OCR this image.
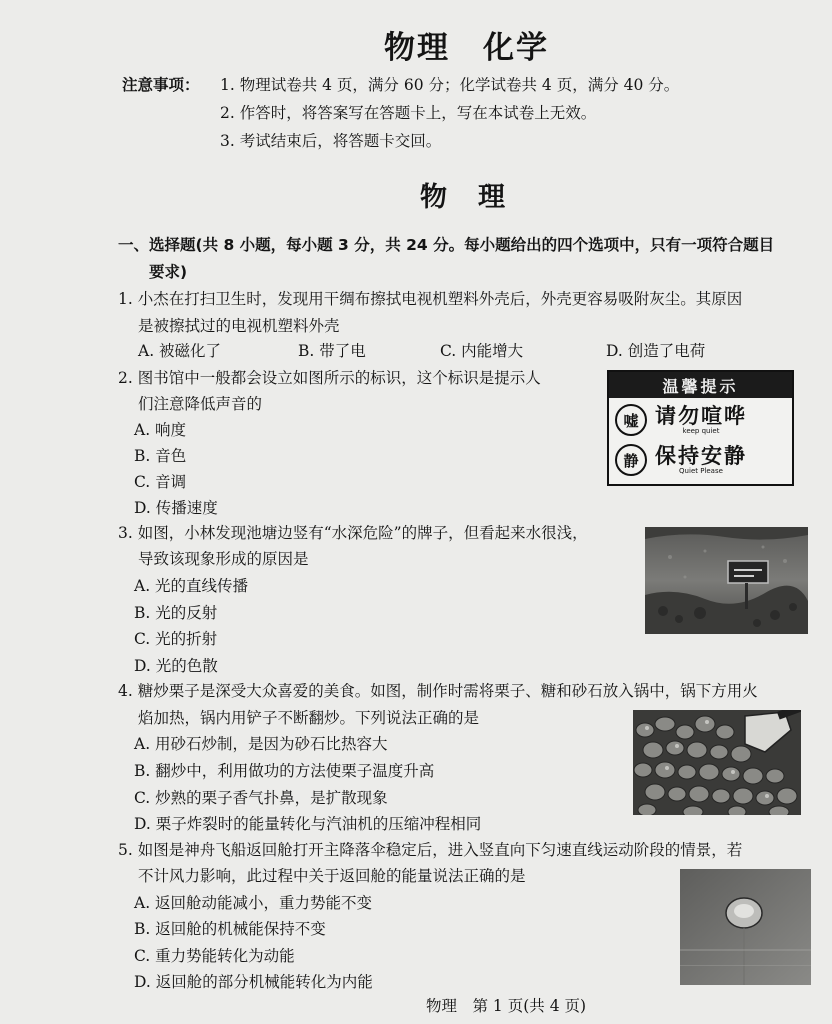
物理　化学
注意事项： 1. 物理试卷共 4 页，满分 60 分；化学试卷共 4 页，满分 40 分。
2. 作答时，将答案写在答题卡上，写在本试卷上无效。
3. 考试结束后，将答题卡交回。
物　理
一、选择题(共 8 小题，每小题 3 分，共 24 分。每小题给出的四个选项中，只有一项符合题目
要求)
1. 小杰在打扫卫生时，发现用干绸布擦拭电视机塑料外壳后，外壳更容易吸附灰尘。其原因
是被擦拭过的电视机塑料外壳
A. 被磁化了	B. 带了电	C. 内能增大	D. 创造了电荷
2. 图书馆中一般都会设立如图所示的标识，这个标识是提示人
们注意降低声音的
A. 响度
B. 音色
C. 音调
D. 传播速度
温馨提示
嘘 请勿喧哗
keep quiet
静 保持安静
Quiet Please
3. 如图，小林发现池塘边竖有“水深危险”的牌子，但看起来水很浅，
导致该现象形成的原因是
A. 光的直线传播
B. 光的反射
C. 光的折射
D. 光的色散
4. 糖炒栗子是深受大众喜爱的美食。如图，制作时需将栗子、糖和砂石放入锅中，锅下方用火
焰加热，锅内用铲子不断翻炒。下列说法正确的是
A. 用砂石炒制，是因为砂石比热容大
B. 翻炒中，利用做功的方法使栗子温度升高
C. 炒熟的栗子香气扑鼻，是扩散现象
D. 栗子炸裂时的能量转化与汽油机的压缩冲程相同
5. 如图是神舟飞船返回舱打开主降落伞稳定后，进入竖直向下匀速直线运动阶段的情景，若
不计风力影响，此过程中关于返回舱的能量说法正确的是
A. 返回舱动能减小，重力势能不变
B. 返回舱的机械能保持不变
C. 重力势能转化为动能
D. 返回舱的部分机械能转化为内能
物理　第 1 页(共 4 页)
